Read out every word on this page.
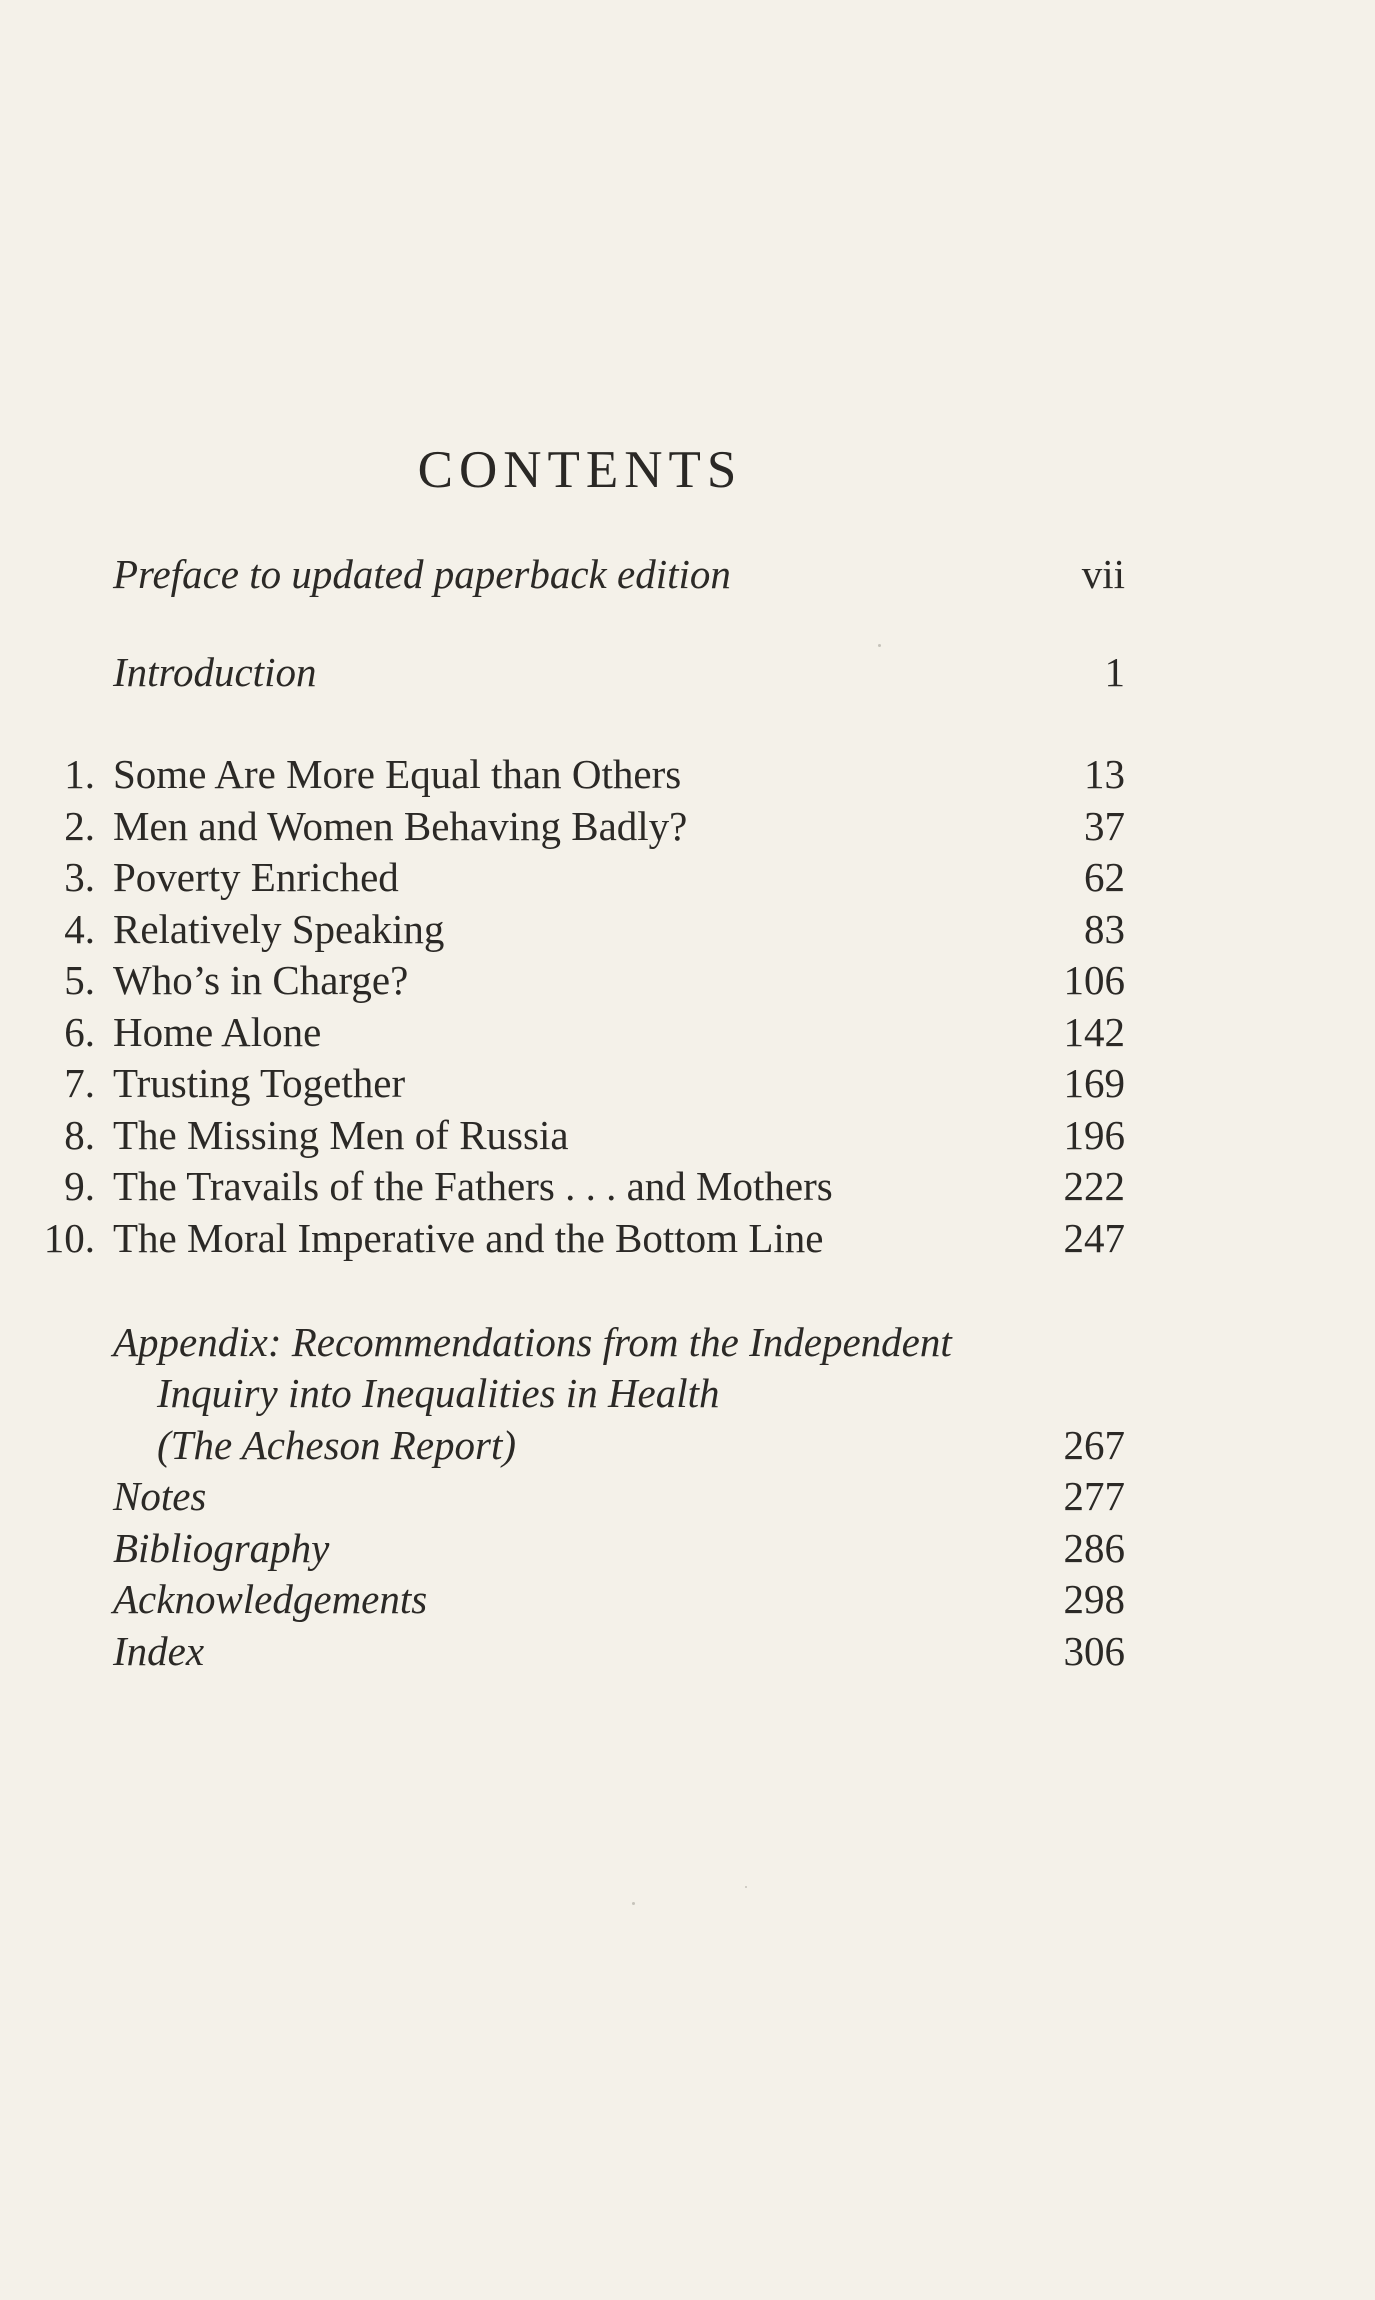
CONTENTS
Preface to updated paperback edition	vii
Introduction	1
1. Some Are More Equal than Others	13
2. Men and Women Behaving Badly?	37
3. Poverty Enriched	62
4. Relatively Speaking	83
5. Who’s in Charge?	106
6. Home Alone	142
7. Trusting Together	169
8. The Missing Men of Russia	196
9. The Travails of the Fathers . . . and Mothers	222
10. The Moral Imperative and the Bottom Line	247
Appendix: Recommendations from the Independent
Inquiry into Inequalities in Health
(The Acheson Report)	267
Notes	277
Bibliography	286
Acknowledgements	298
Index	306
